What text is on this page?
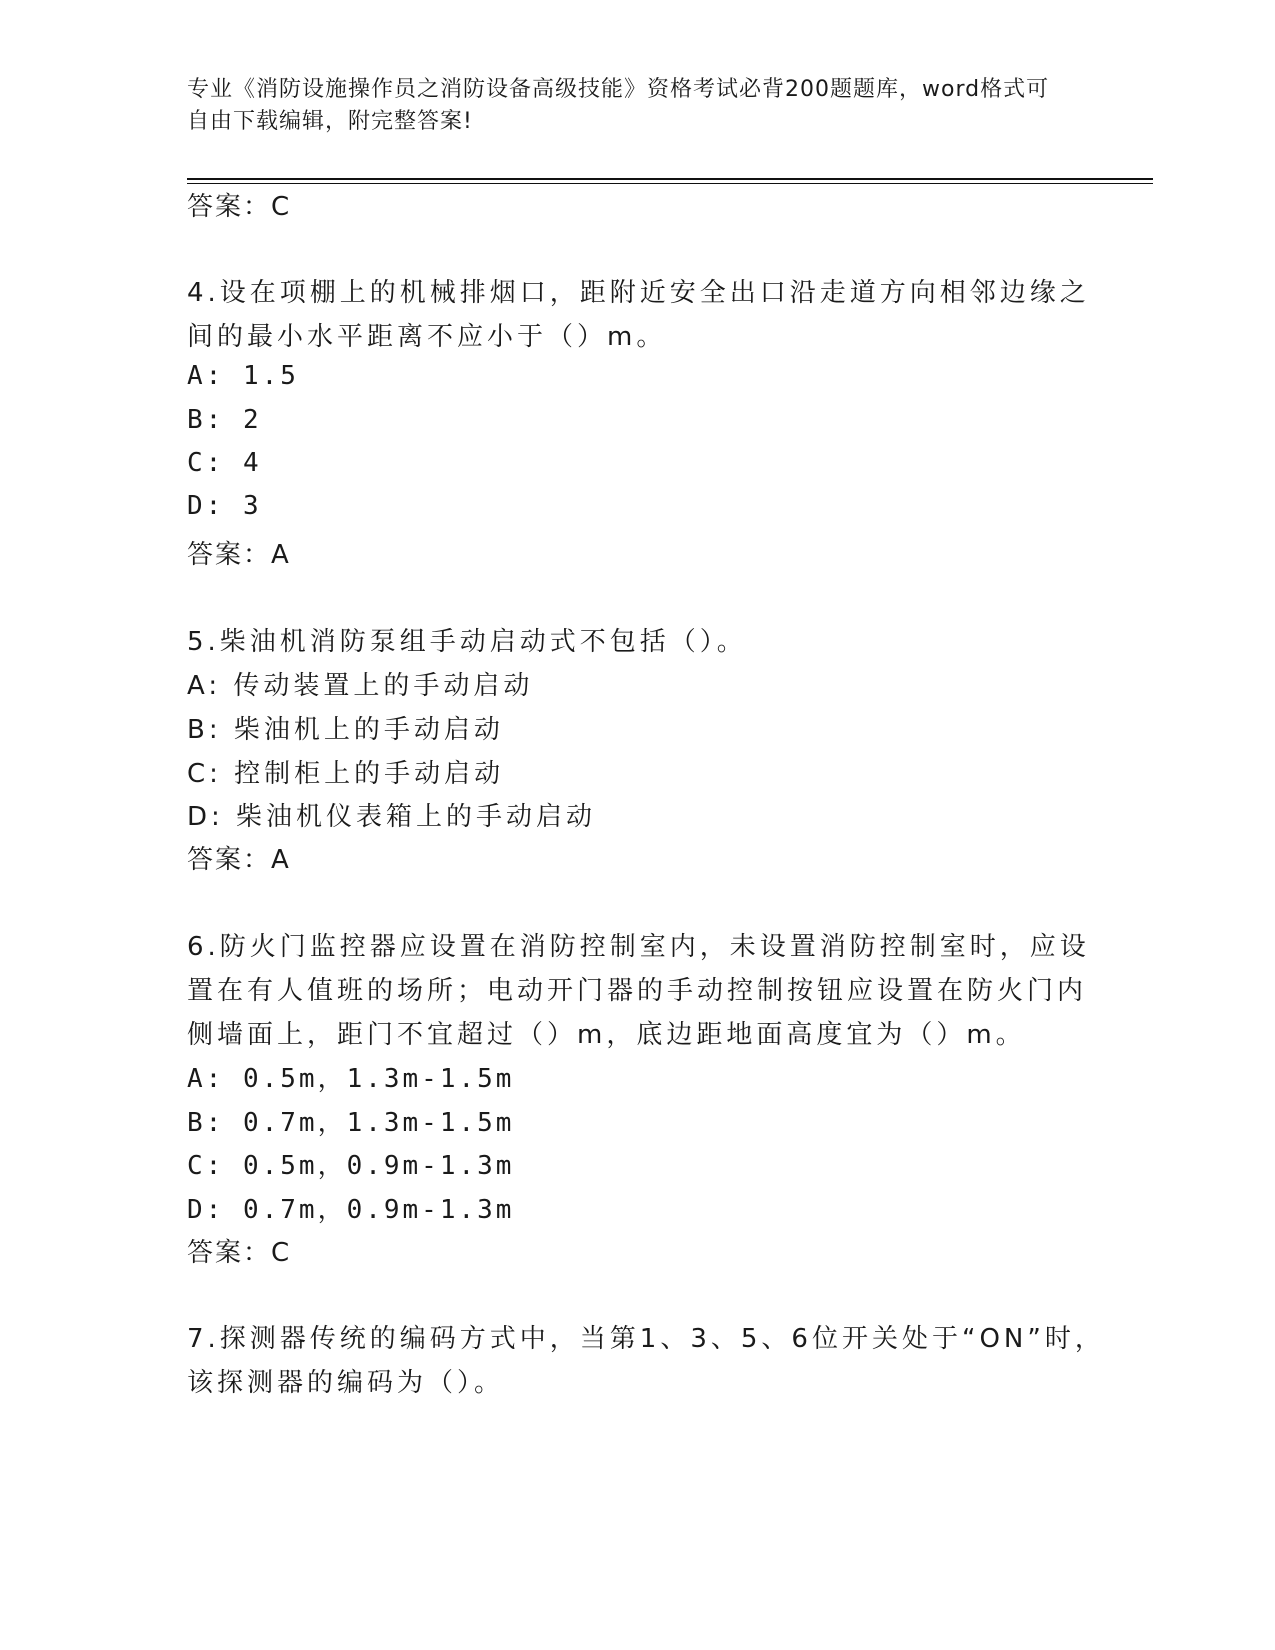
专业《消防设施操作员之消防设备高级技能》资格考试必背200题题库，word格式可自由下载编辑，附完整答案!
答案：C
4.设在项棚上的机械排烟口，距附近安全出口沿走道方向相邻边缘之
间的最小水平距离不应小于（）m。
A: 1.5
B: 2
C: 4
D: 3
答案：A
5.柴油机消防泵组手动启动式不包括（）。
A: 传动装置上的手动启动
B: 柴油机上的手动启动
C: 控制柜上的手动启动
D: 柴油机仪表箱上的手动启动
答案：A
6.防火门监控器应设置在消防控制室内，未设置消防控制室时，应设
置在有人值班的场所；电动开门器的手动控制按钮应设置在防火门内
侧墙面上，距门不宜超过（）m，底边距地面高度宜为（）m。
A: 0.5m，1.3m-1.5m
B: 0.7m，1.3m-1.5m
C: 0.5m，0.9m-1.3m
D: 0.7m，0.9m-1.3m
答案：C
7.探测器传统的编码方式中，当第1、3、5、6位开关处于“ON”时，
该探测器的编码为（）。
